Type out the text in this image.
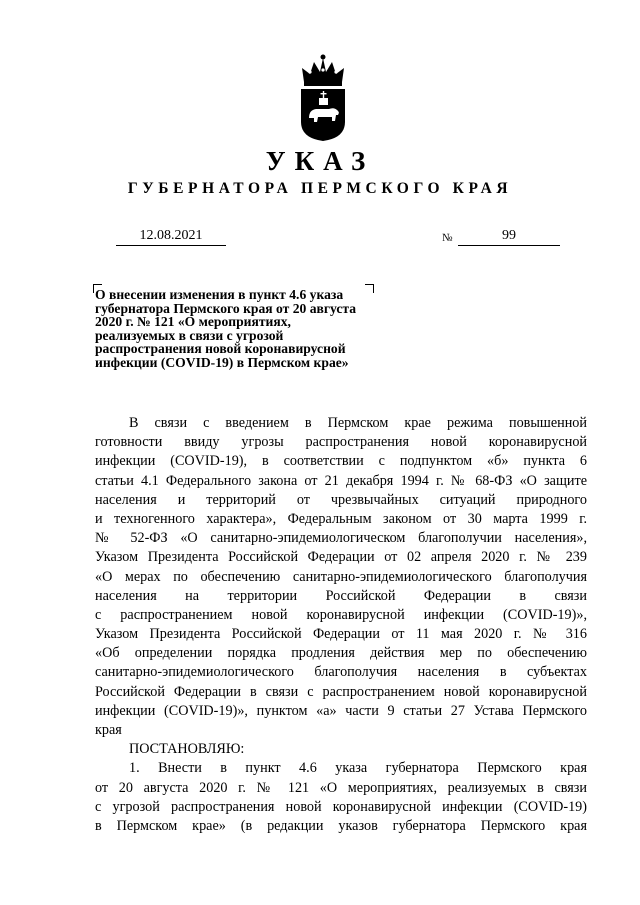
УКАЗ
ГУБЕРНАТОРА ПЕРМСКОГО КРАЯ
12.08.2021	№	99
О внесении изменения в пункт 4.6 указа
губернатора Пермского края от 20 августа
2020 г. № 121 «О мероприятиях,
реализуемых в связи с угрозой
распространения новой коронавирусной
инфекции (COVID-19) в Пермском крае»
В связи с введением в Пермском крае режима повышенной
готовности ввиду угрозы распространения новой коронавирусной
инфекции (COVID-19), в соответствии с подпунктом «б» пункта 6
статьи 4.1 Федерального закона от 21 декабря 1994 г. № 68-ФЗ «О защите
населения и территорий от чрезвычайных ситуаций природного
и техногенного характера», Федеральным законом от 30 марта 1999 г.
№ 52-ФЗ «О санитарно-эпидемиологическом благополучии населения»,
Указом Президента Российской Федерации от 02 апреля 2020 г. № 239
«О мерах по обеспечению санитарно-эпидемиологического благополучия
населения на территории Российской Федерации в связи
с распространением новой коронавирусной инфекции (COVID-19)»,
Указом Президента Российской Федерации от 11 мая 2020 г. № 316
«Об определении порядка продления действия мер по обеспечению
санитарно-эпидемиологического благополучия населения в субъектах
Российской Федерации в связи с распространением новой коронавирусной
инфекции (COVID-19)», пунктом «а» части 9 статьи 27 Устава Пермского
края
ПОСТАНОВЛЯЮ:
1. Внести в пункт 4.6 указа губернатора Пермского края
от 20 августа 2020 г. № 121 «О мероприятиях, реализуемых в связи
с угрозой распространения новой коронавирусной инфекции (COVID-19)
в Пермском крае» (в редакции указов губернатора Пермского края
